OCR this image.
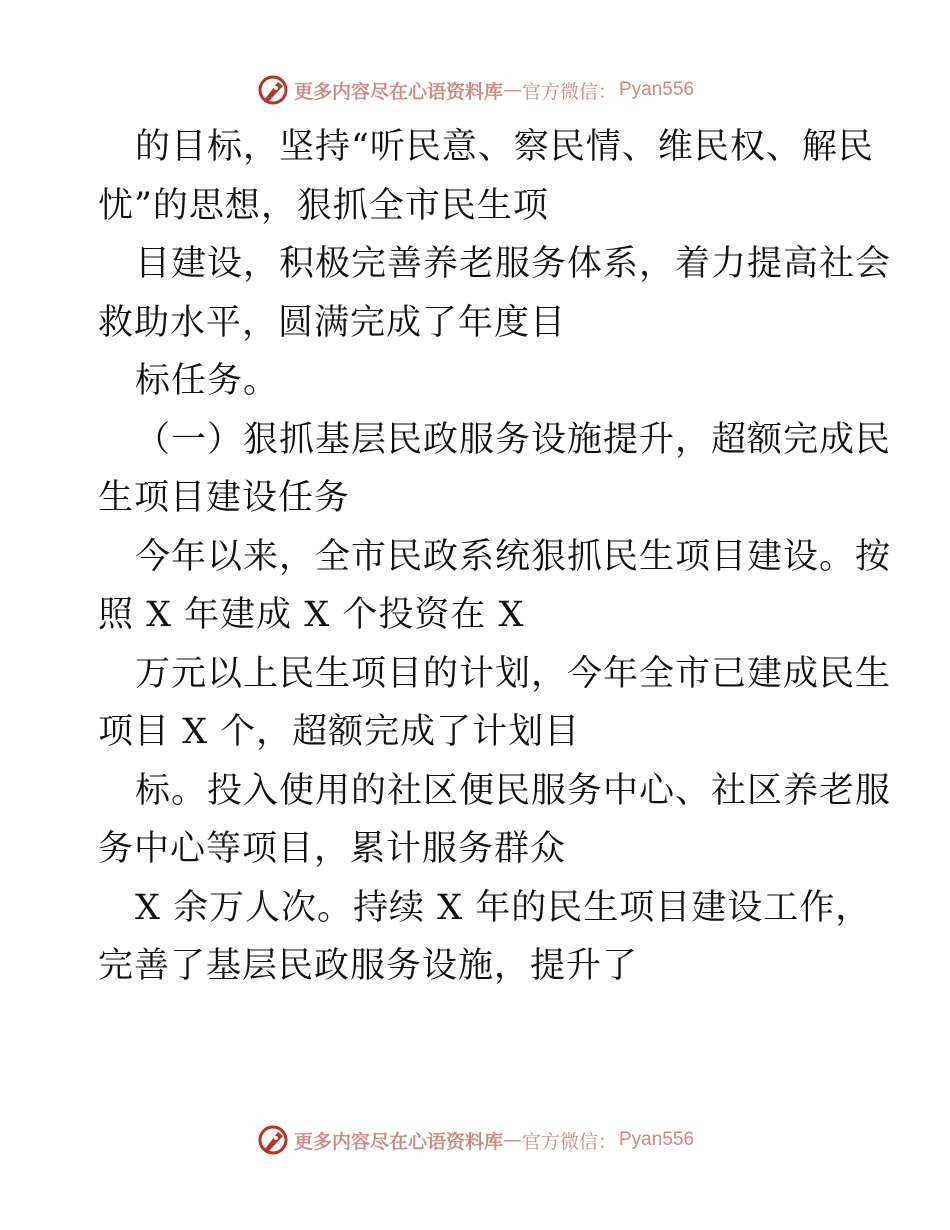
更多内容尽在心语资料库 — 官方微信： Pyan556
的目标，坚持“听民意、察民情、维民权、解民
忧”的思想，狠抓全市民生项
目建设，积极完善养老服务体系，着力提高社会
救助水平，圆满完成了年度目
标任务。
（一）狠抓基层民政服务设施提升，超额完成民
生项目建设任务
今年以来，全市民政系统狠抓民生项目建设。按
照 X 年建成 X 个投资在 X
万元以上民生项目的计划，今年全市已建成民生
项目 X 个，超额完成了计划目
标。投入使用的社区便民服务中心、社区养老服
务中心等项目，累计服务群众
X 余万人次。持续 X 年的民生项目建设工作，
完善了基层民政服务设施，提升了
更多内容尽在心语资料库 — 官方微信： Pyan556
